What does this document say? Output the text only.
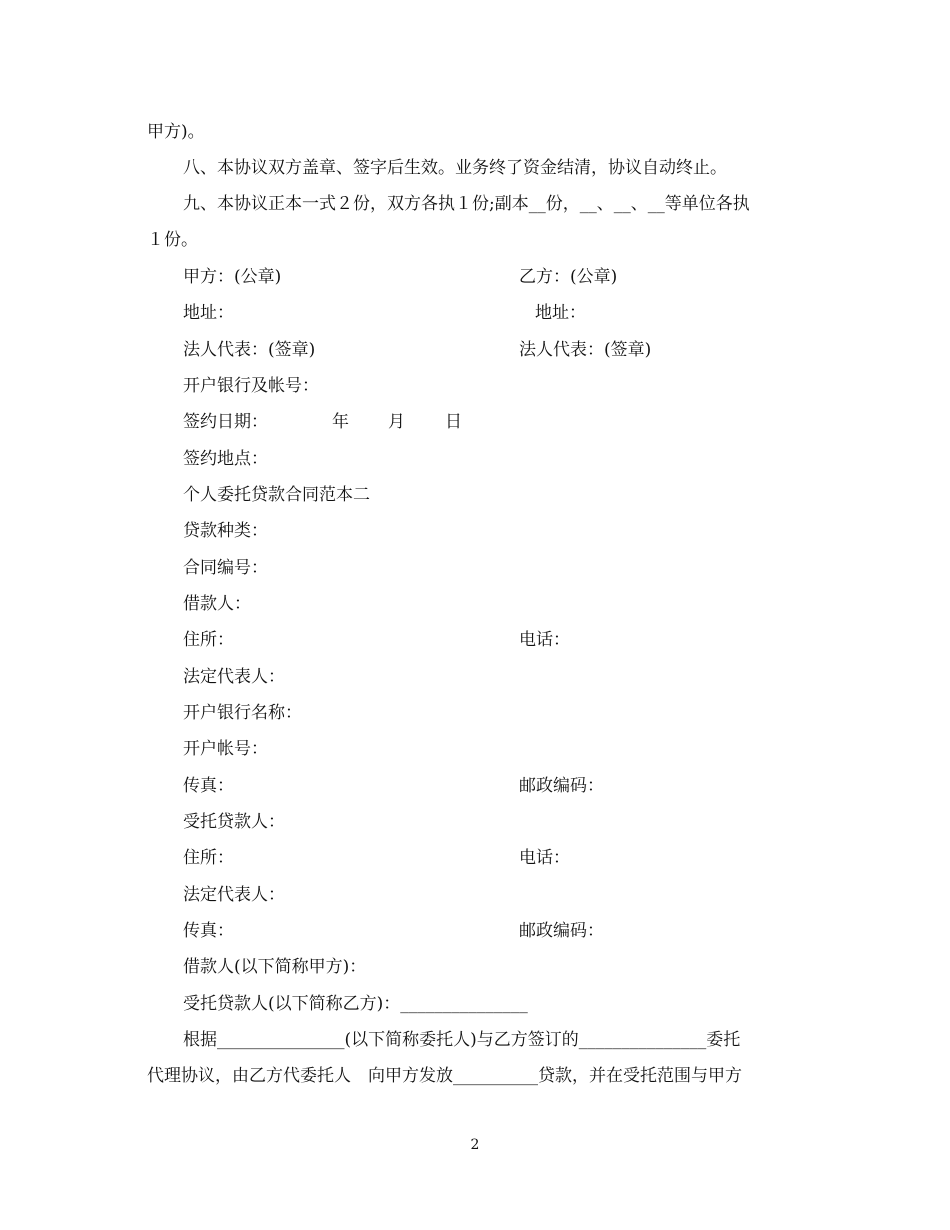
甲方)。
八、本协议双方盖章、签字后生效。业务终了资金结清，协议自动终止。
九、本协议正本一式２份，双方各执１份;副本__份，__、__、__等单位各执
１份。
甲方：(公章)	乙方：(公章)
地址：	地址：
法人代表：(签章)	法人代表：(签章)
开户银行及帐号：
签约日期：	年 月 日
签约地点：
个人委托贷款合同范本二
贷款种类：
合同编号：
借款人：
住所：	电话：
法定代表人：
开户银行名称：
开户帐号：
传真：	邮政编码：
受托贷款人：
住所：	电话：
法定代表人：
传真：	邮政编码：
借款人(以下简称甲方)：
受托贷款人(以下简称乙方)：_______________
根据_______________(以下简称委托人)与乙方签订的_______________委托
代理协议，由乙方代委托人　向甲方发放__________贷款，并在受托范围与甲方
2
